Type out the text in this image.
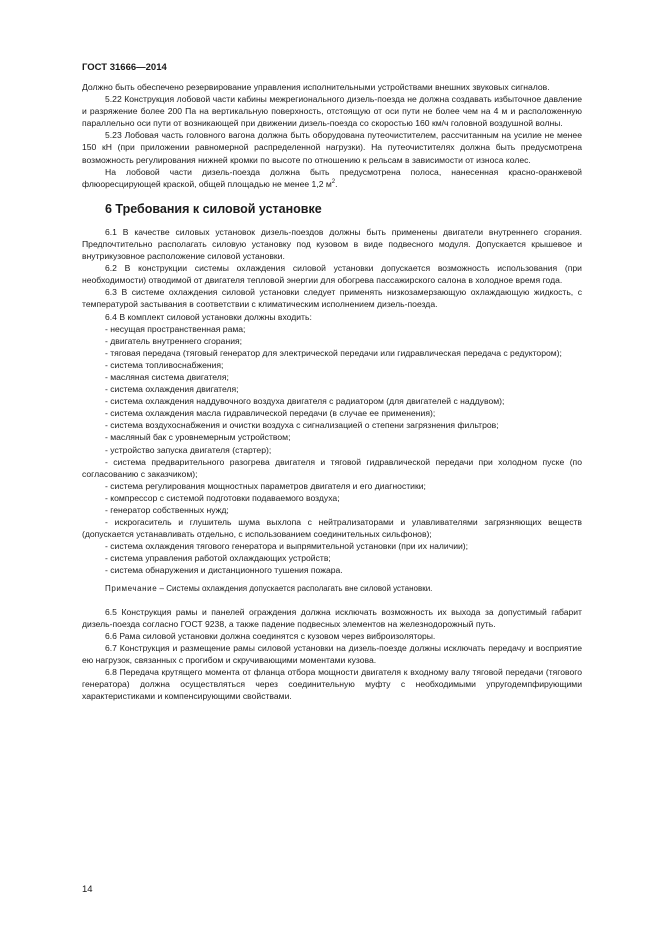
ГОСТ 31666—2014

Должно быть обеспечено резервирование управления исполнительными устройствами внешних звуковых сигналов.

5.22 Конструкция лобовой части кабины межрегионального дизель-поезда не должна создавать избыточное давление и разряжение более 200 Па на вертикальную поверхность, отстоящую от оси пути не более чем на 4 м и расположенную параллельно оси пути от возникающей при движении дизель-поезда со скоростью 160 км/ч головной воздушной волны.

5.23 Лобовая часть головного вагона должна быть оборудована путеочистителем, рассчитанным на усилие не менее 150 кН (при приложении равномерной распределенной нагрузки). На путеочистителях должна быть предусмотрена возможность регулирования нижней кромки по высоте по отношению к рельсам в зависимости от износа колес.

На лобовой части дизель-поезда должна быть предусмотрена полоса, нанесенная красно-оранжевой флюоресцирующей краской, общей площадью не менее 1,2 $м^2$.

6 Требования к силовой установке

6.1 В качестве силовых установок дизель-поездов должны быть применены двигатели внутреннего сгорания. Предпочтительно располагать силовую установку под кузовом в виде подвесного модуля. Допускается крышевое и внутрикузовное расположение силовой установки.

6.2 В конструкции системы охлаждения силовой установки допускается возможность использования (при необходимости) отводимой от двигателя тепловой энергии для обогрева пассажирского салона в холодное время года.

6.3 В системе охлаждения силовой установки следует применять низкозамерзающую охлаждающую жидкость, с температурой застывания в соответствии с климатическим исполнением дизель-поезда.

6.4 В комплект силовой установки должны входить:

- несущая пространственная рама;

- двигатель внутреннего сгорания;

- тяговая передача (тяговый генератор для электрической передачи или гидравлическая передача с редуктором);

- система топливоснабжения;

- масляная система двигателя;

- система охлаждения двигателя;

- система охлаждения наддувочного воздуха двигателя с радиатором (для двигателей с наддувом);

- система охлаждения масла гидравлической передачи (в случае ее применения);

- система воздухоснабжения и очистки воздуха с сигнализацией о степени загрязнения фильтров;

- масляный бак с уровнемерным устройством;

- устройство запуска двигателя (стартер);

- система предварительного разогрева двигателя и тяговой гидравлической передачи при холодном пуске (по согласованию с заказчиком);

- система регулирования мощностных параметров двигателя и его диагностики;

- компрессор с системой подготовки подаваемого воздуха;

- генератор собственных нужд;

- искрогаситель и глушитель шума выхлопа с нейтрализаторами и улавливателями загрязняющих веществ (допускается устанавливать отдельно, с использованием соединительных сильфонов);

- система охлаждения тягового генератора и выпрямительной установки (при их наличии);

- система управления работой охлаждающих устройств;

- система обнаружения и дистанционного тушения пожара.

Примечание – Системы охлаждения допускается располагать вне силовой установки.

6.5 Конструкция рамы и панелей ограждения должна исключать возможность их выхода за допустимый габарит дизель-поезда согласно ГОСТ 9238, а также падение подвесных элементов на железнодорожный путь.

6.6 Рама силовой установки должна соединятся с кузовом через виброизоляторы.

6.7 Конструкция и размещение рамы силовой установки на дизель-поезде должны исключать передачу и восприятие ею нагрузок, связанных с прогибом и скручивающими моментами кузова.

6.8 Передача крутящего момента от фланца отбора мощности двигателя к входному валу тяговой передачи (тягового генератора) должна осуществляться через соединительную муфту с необходимыми упругодемпфирующими характеристиками и компенсирующими свойствами.

14
